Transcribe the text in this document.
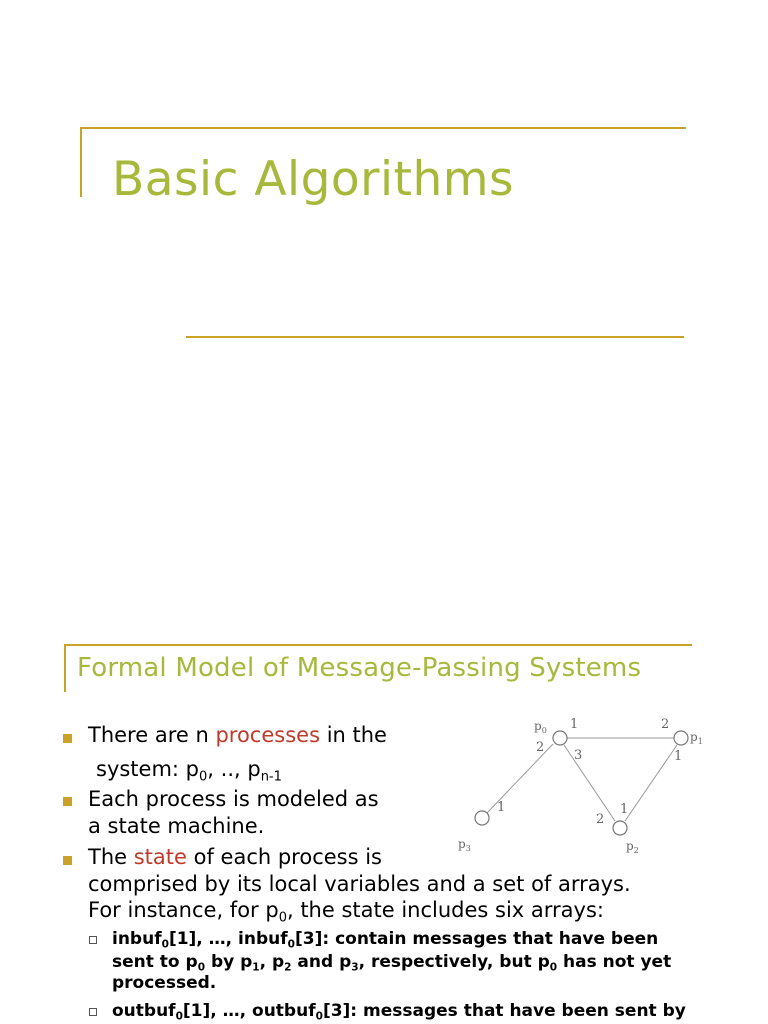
Basic Algorithms
Formal Model of Message-Passing Systems
There are n processes in the
system: $p_0$, .., $p_{n-1}$
Each process is modeled as
a state machine.
The state of each process is
comprised by its local variables and a set of arrays.
For instance, for $p_0$, the state includes six arrays:
inbuf$_0$[1], …, inbuf$_0$[3]: contain messages that have been
sent to $p_0$ by $p_1$, $p_2$ and $p_3$, respectively, but $p_0$ has not yet
processed.
outbuf$_0$[1], …, outbuf$_0$[3]: messages that have been sent by
$p_0$	$p_1$
$p_2$
$p_3$
1	2
3
2
1
1
2
1
